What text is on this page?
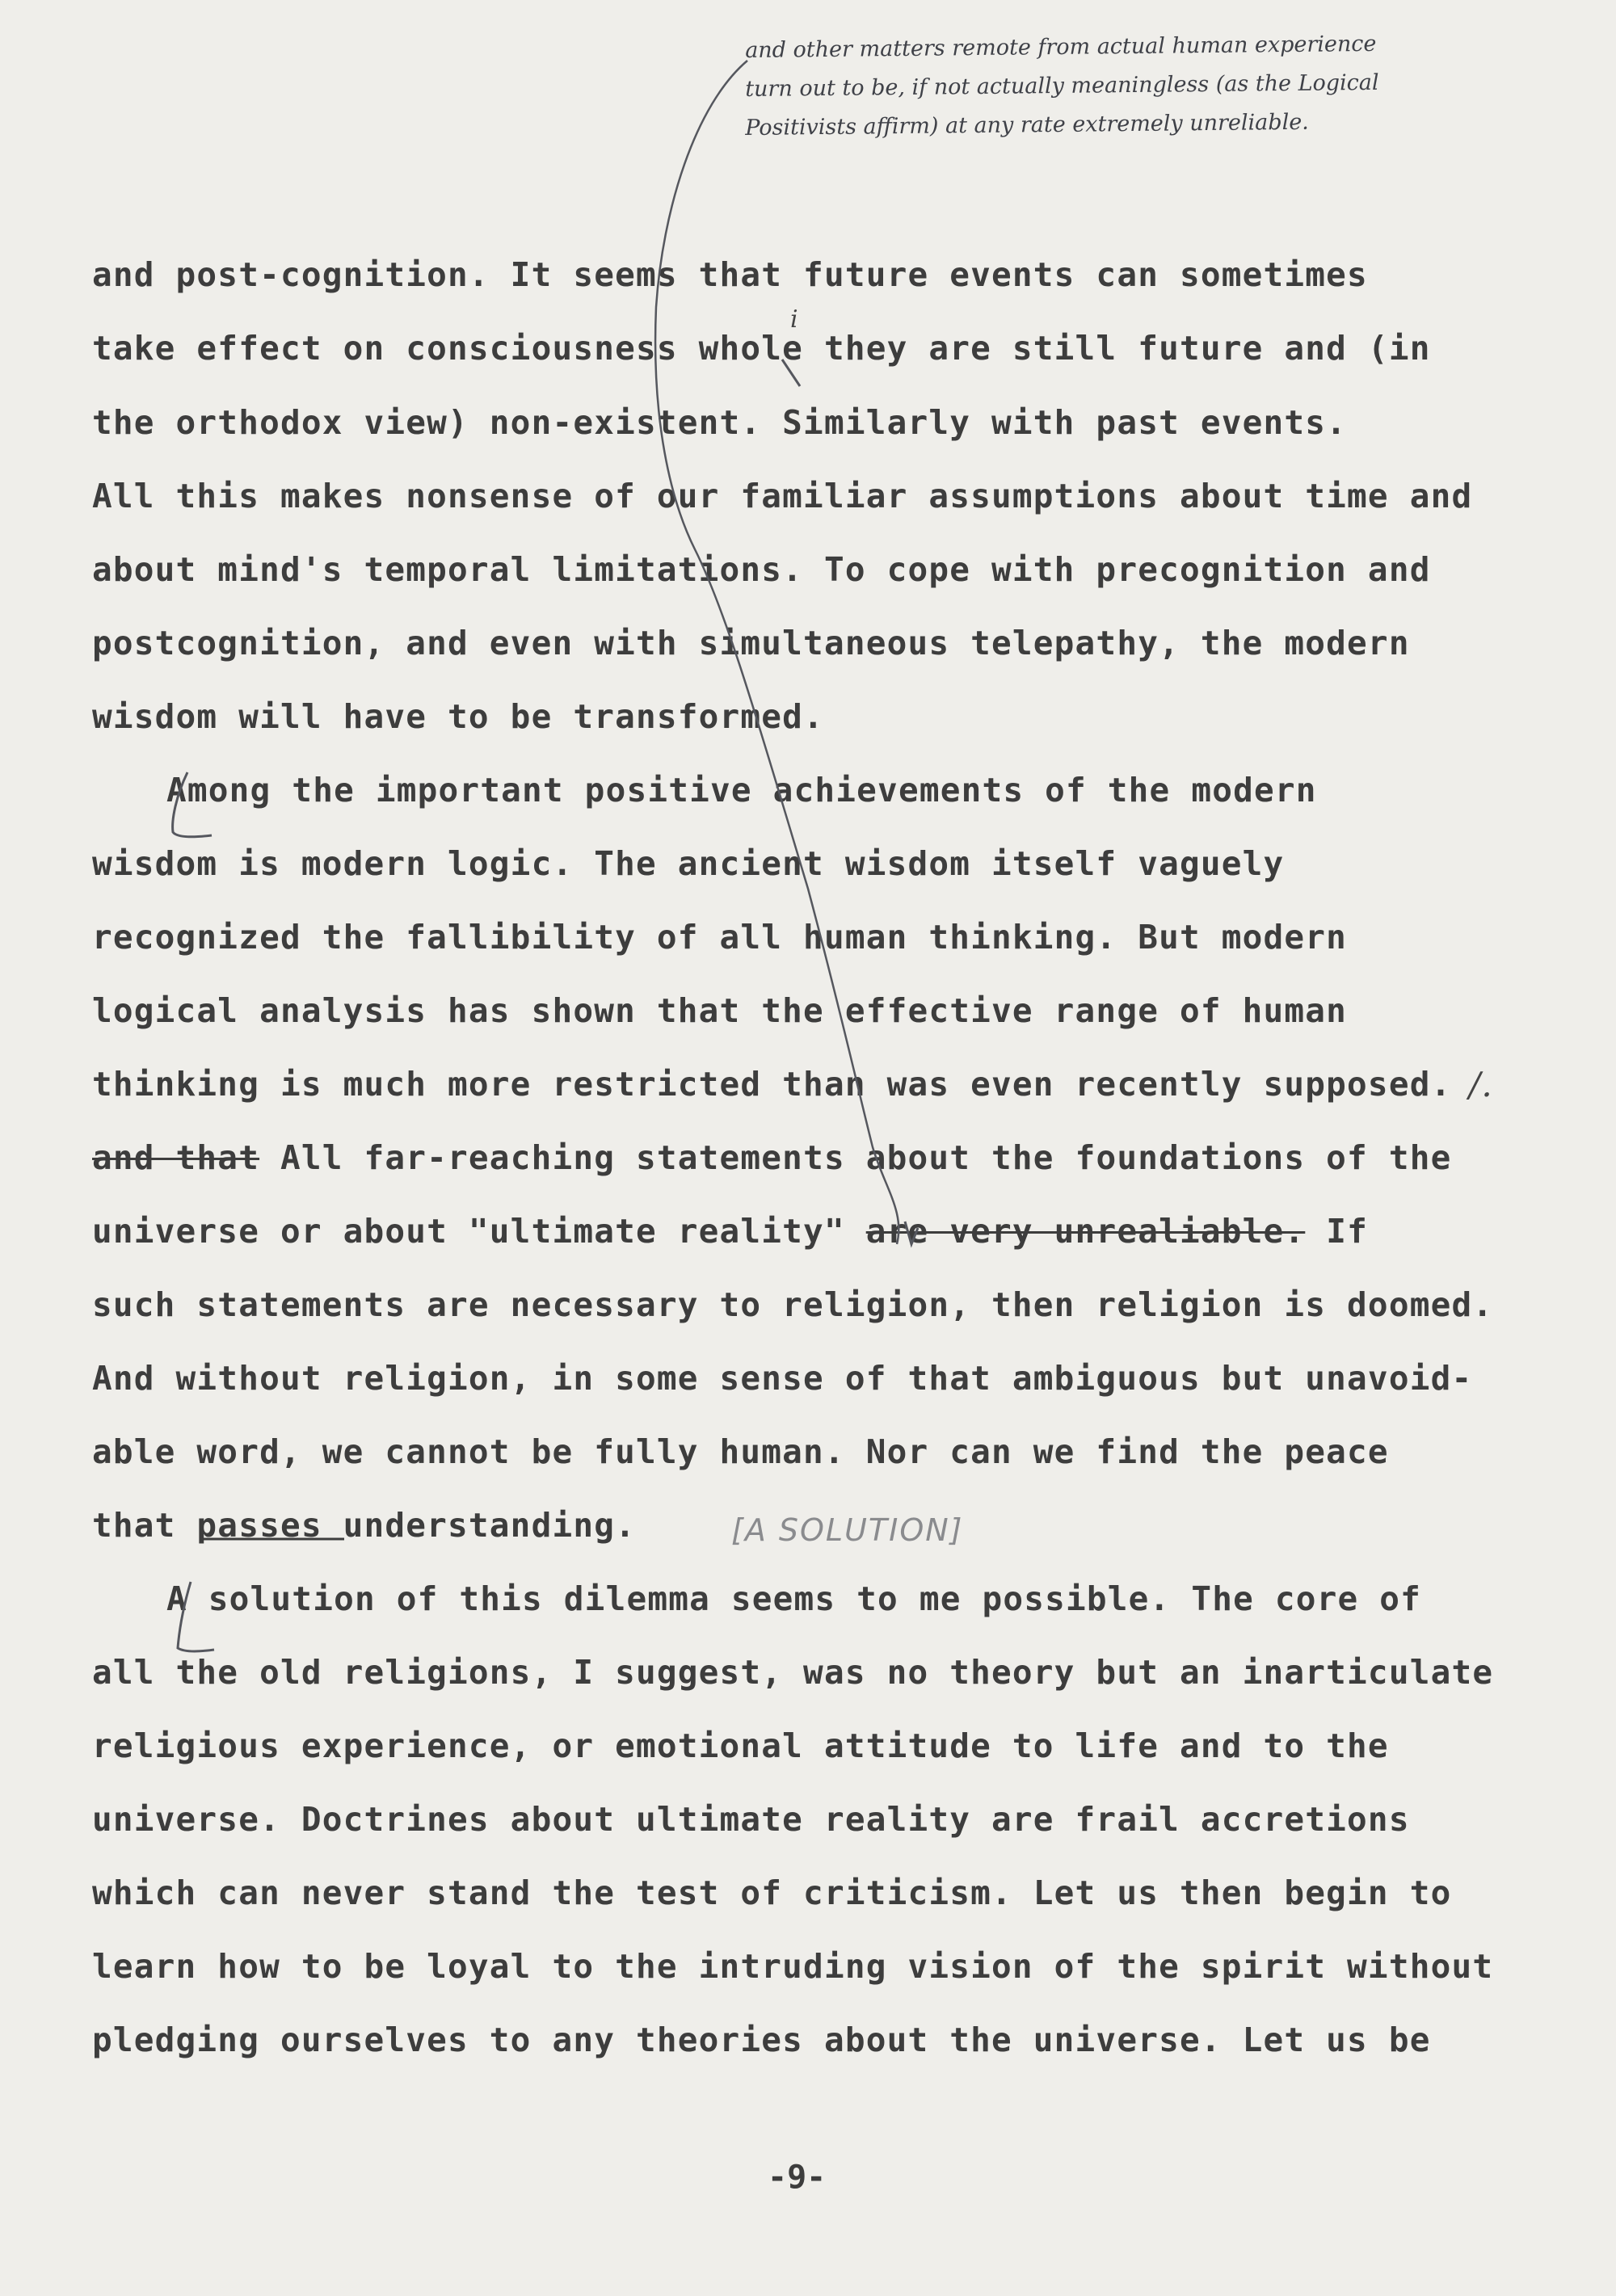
and other matters remote from actual human experience
turn out to be, if not actually meaningless (as the Logical
Positivists affirm) at any rate extremely unreliable.
and post-cognition. It seems that future events can sometimes
take effect on consciousness whole they are still future and (in
the orthodox view) non-existent. Similarly with past events.
All this makes nonsense of our familiar assumptions about time and
about mind's temporal limitations. To cope with precognition and
postcognition, and even with simultaneous telepathy, the modern
wisdom will have to be transformed.
Among the important positive achievements of the modern
wisdom is modern logic. The ancient wisdom itself vaguely
recognized the fallibility of all human thinking. But modern
logical analysis has shown that the effective range of human
thinking is much more restricted than was even recently supposed.
and that All far-reaching statements about the foundations of the
universe or about "ultimate reality" are very unrealiable. If
such statements are necessary to religion, then religion is doomed.
And without religion, in some sense of that ambiguous but unavoid-
able word, we cannot be fully human. Nor can we find the peace
that passes understanding.
A solution of this dilemma seems to me possible. The core of
all the old religions, I suggest, was no theory but an inarticulate
religious experience, or emotional attitude to life and to the
universe. Doctrines about ultimate reality are frail accretions
which can never stand the test of criticism. Let us then begin to
learn how to be loyal to the intruding vision of the spirit without
pledging ourselves to any theories about the universe. Let us be
[A SOLUTION]
i
/.
-9-
